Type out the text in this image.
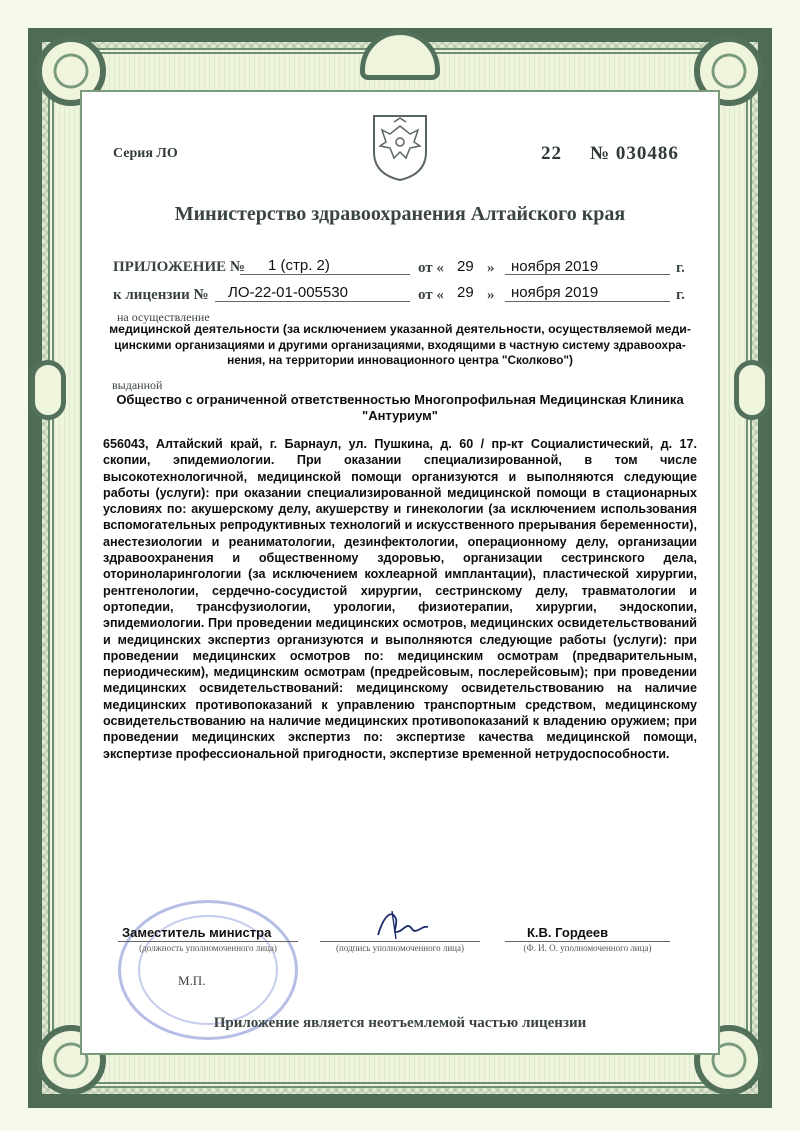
Серия ЛО	22 № 030486
Министерство здравоохранения Алтайского края
ПРИЛОЖЕНИЕ № 1 (стр. 2)	от « 29 » ноября 2019	г.
к лицензии № ЛО-22-01-005530	от « 29 » ноября 2019	г.
на осуществление
медицинской деятельности (за исключением указанной деятельности, осуществляемой меди-
цинскими организациями и другими организациями, входящими в частную систему здравоохра-
нения, на территории инновационного центра "Сколково")
выданной
Общество с ограниченной ответственностью Многопрофильная Медицинская Клиника
"Антуриум"
656043, Алтайский край, г. Барнаул, ул. Пушкина, д. 60 / пр-кт Социалистический, д. 17. скопии, эпидемиологии. При оказании специализированной, в том числе высокотехнологичной, медицинской помощи организуются и выполняются следующие работы (услуги): при оказании специализированной медицинской помощи в стационарных условиях по: акушерскому делу, акушерству и гинекологии (за исключением использования вспомогательных репродуктивных технологий и искусственного прерывания беременности), анестезиологии и реаниматологии, дезинфектологии, операционному делу, организации здравоохранения и общественному здоровью, организации сестринского дела, оториноларингологии (за исключением кохлеарной имплантации), пластической хирургии, рентгенологии, сердечно-сосудистой хирургии, сестринскому делу, травматологии и ортопедии, трансфузиологии, урологии, физиотерапии, хирургии, эндоскопии, эпидемиологии. При проведении медицинских осмотров, медицинских освидетельствований и медицинских экспертиз организуются и выполняются следующие работы (услуги): при проведении медицинских осмотров по: медицинским осмотрам (предварительным, периодическим), медицинским осмотрам (предрейсовым, послерейсовым); при проведении медицинских освидетельствований: медицинскому освидетельствованию на наличие медицинских противопоказаний к управлению транспортным средством, медицинскому освидетельствованию на наличие медицинских противопоказаний к владению оружием; при проведении медицинских экспертиз по: экспертизе качества медицинской помощи, экспертизе профессиональной пригодности, экспертизе временной нетрудоспособности.
Заместитель министра
(должность уполномоченного лица)	(подпись уполномоченного лица)
К.В. Гордеев
(Ф. И. О. уполномоченного лица)
М.П.
Приложение является неотъемлемой частью лицензии
